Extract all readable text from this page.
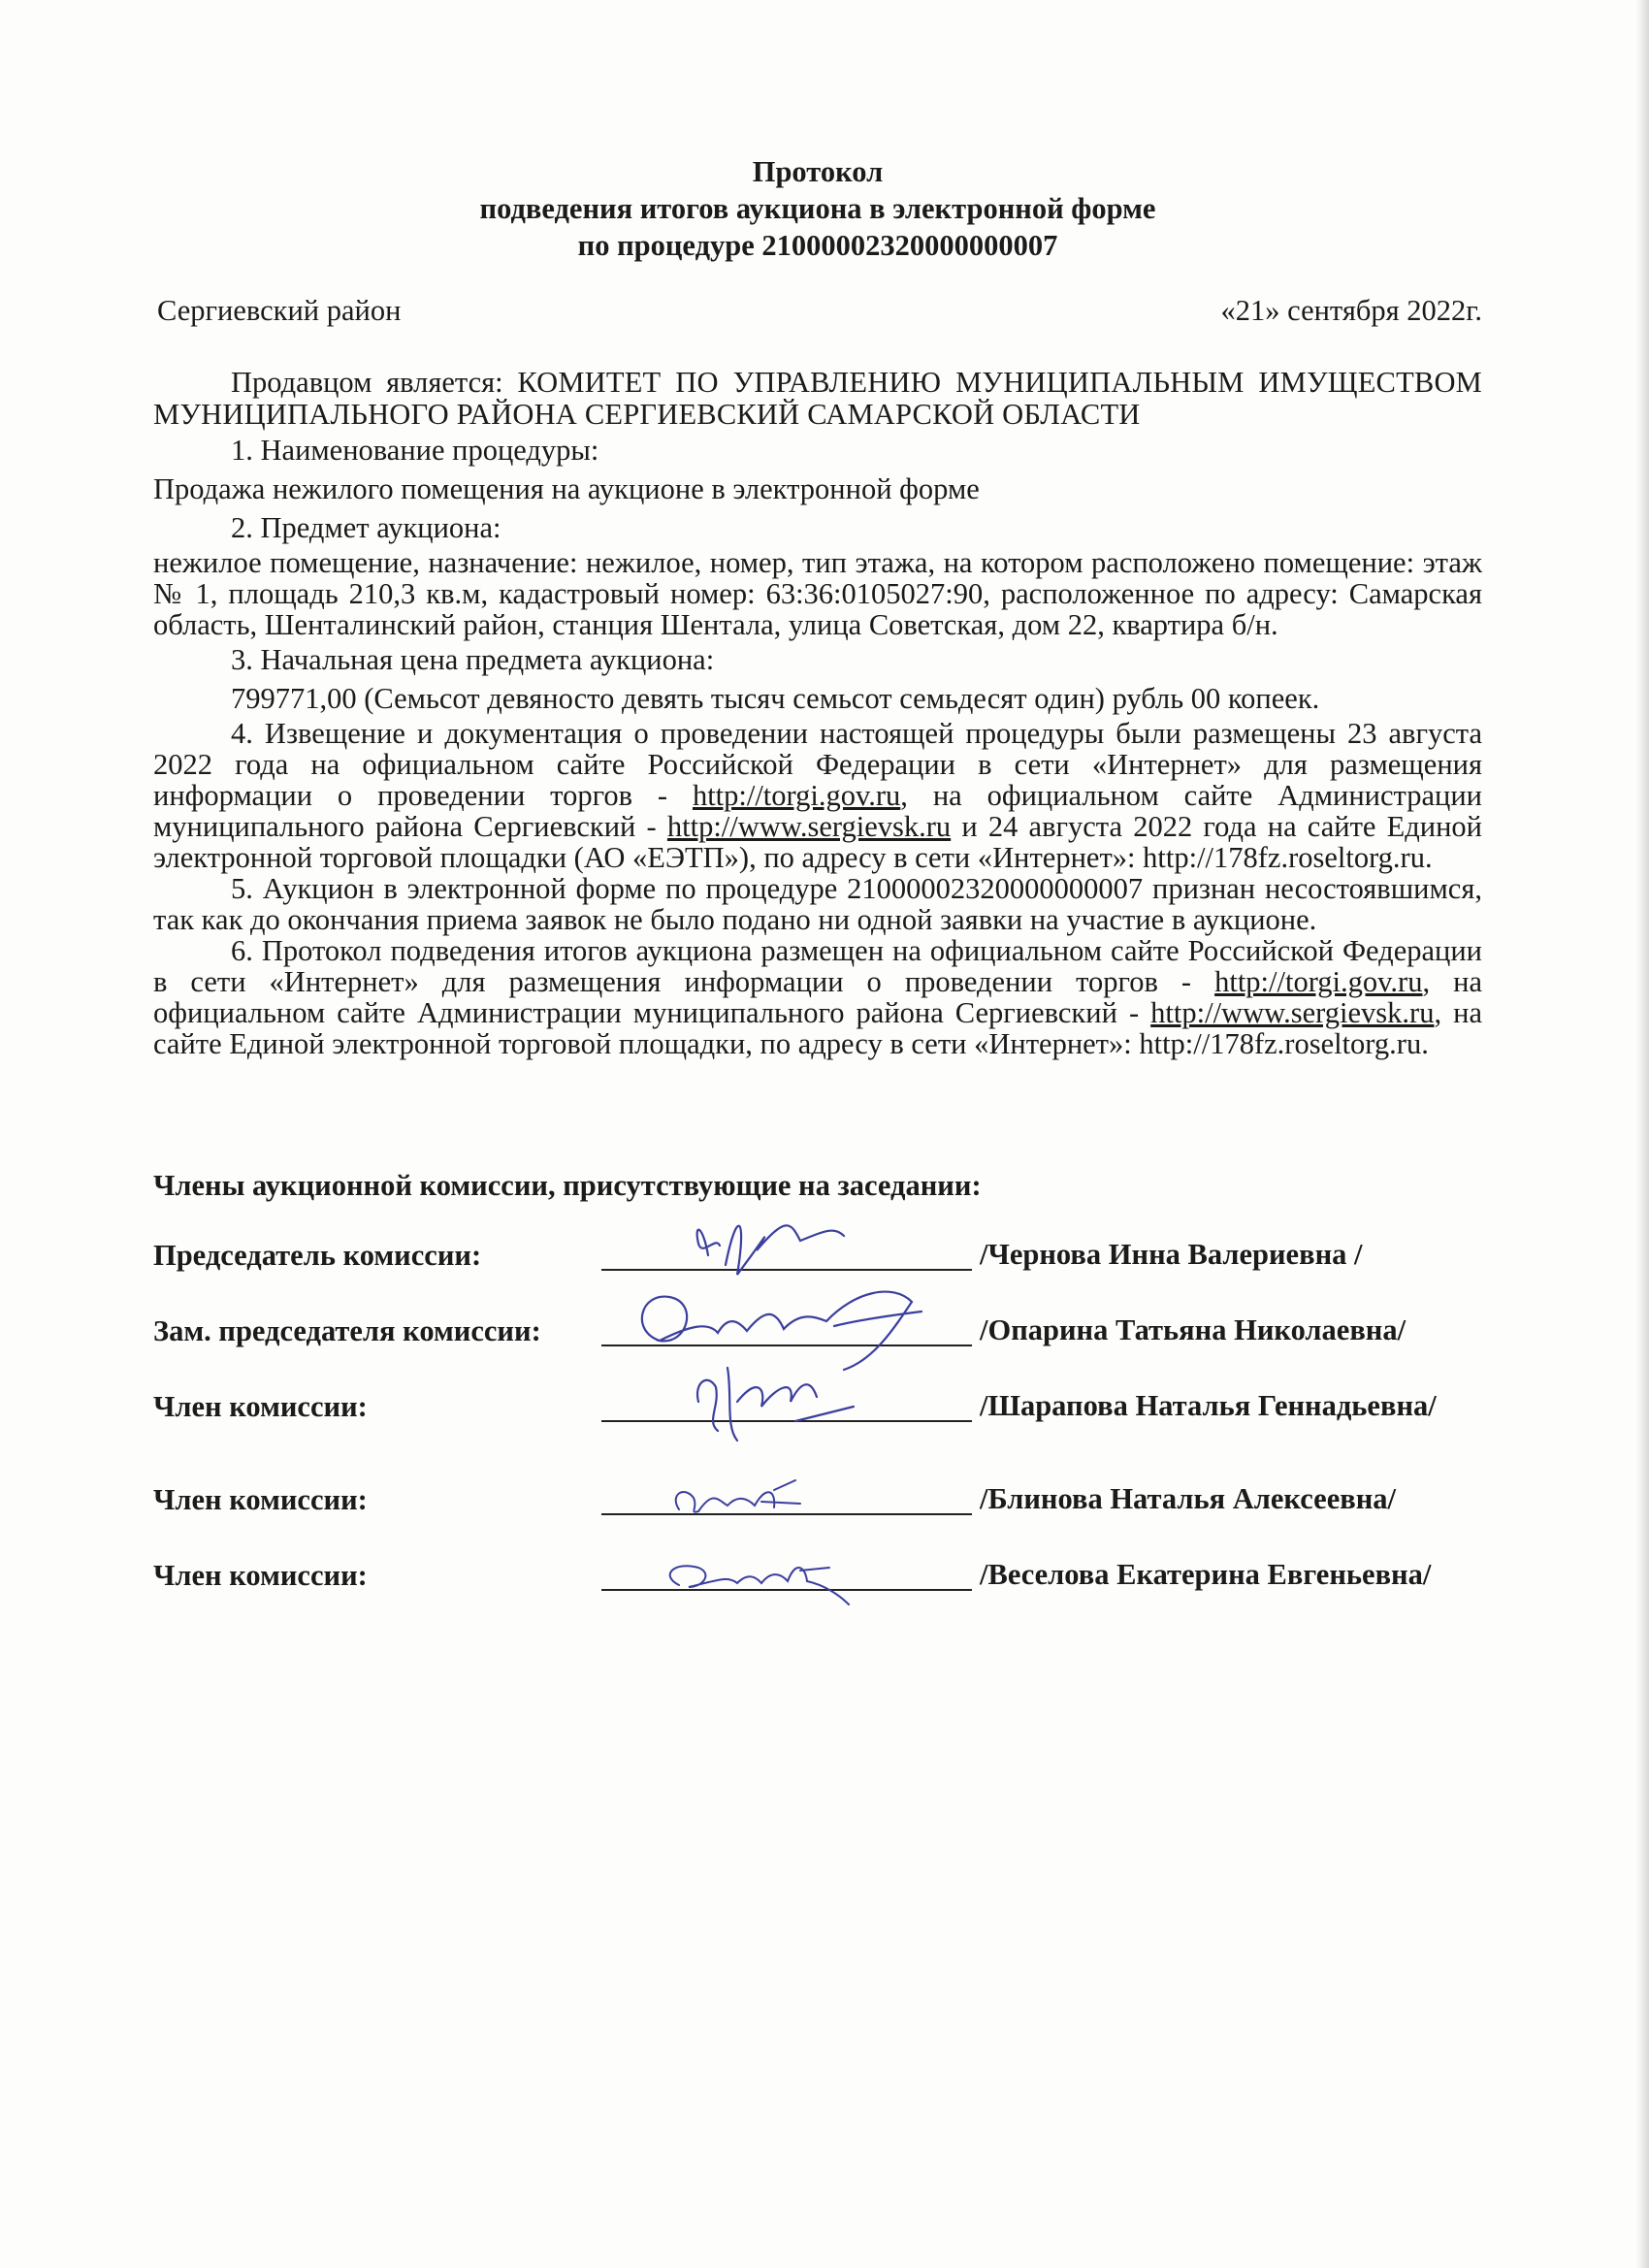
Протокол
подведения итогов аукциона в электронной форме
по процедуре 21000002320000000007
Сергиевский район	«21» сентября 2022г.
Продавцом является: КОМИТЕТ ПО УПРАВЛЕНИЮ МУНИЦИПАЛЬНЫМ ИМУЩЕСТВОМ МУНИЦИПАЛЬНОГО РАЙОНА СЕРГИЕВСКИЙ САМАРСКОЙ ОБЛАСТИ
1. Наименование процедуры:
Продажа нежилого помещения на аукционе в электронной форме
2. Предмет аукциона:
нежилое помещение, назначение: нежилое, номер, тип этажа, на котором расположено помещение: этаж № 1, площадь 210,3 кв.м, кадастровый номер: 63:36:0105027:90, расположенное по адресу: Самарская область, Шенталинский район, станция Шентала, улица Советская, дом 22, квартира б/н.
3. Начальная цена предмета аукциона:
799771,00 (Семьсот девяносто девять тысяч семьсот семьдесят один) рубль 00 копеек.
4. Извещение и документация о проведении настоящей процедуры были размещены 23 августа 2022 года на официальном сайте Российской Федерации в сети «Интернет» для размещения информации о проведении торгов - http://torgi.gov.ru, на официальном сайте Администрации муниципального района Сергиевский - http://www.sergievsk.ru и 24 августа 2022 года на сайте Единой электронной торговой площадки (АО «ЕЭТП»), по адресу в сети «Интернет»: http://178fz.roseltorg.ru.
5. Аукцион в электронной форме по процедуре 21000002320000000007 признан несостоявшимся, так как до окончания приема заявок не было подано ни одной заявки на участие в аукционе.
6. Протокол подведения итогов аукциона размещен на официальном сайте Российской Федерации в сети «Интернет» для размещения информации о проведении торгов - http://torgi.gov.ru, на официальном сайте Администрации муниципального района Сергиевский - http://www.sergievsk.ru, на сайте Единой электронной торговой площадки, по адресу в сети «Интернет»: http://178fz.roseltorg.ru.
Члены аукционной комиссии, присутствующие на заседании:
Председатель комиссии:	/Чернова Инна Валериевна /
Зам. председателя комиссии:	/Опарина Татьяна Николаевна/
Член комиссии:	/Шарапова Наталья Геннадьевна/
Член комиссии:	/Блинова Наталья Алексеевна/
Член комиссии:	/Веселова Екатерина Евгеньевна/
